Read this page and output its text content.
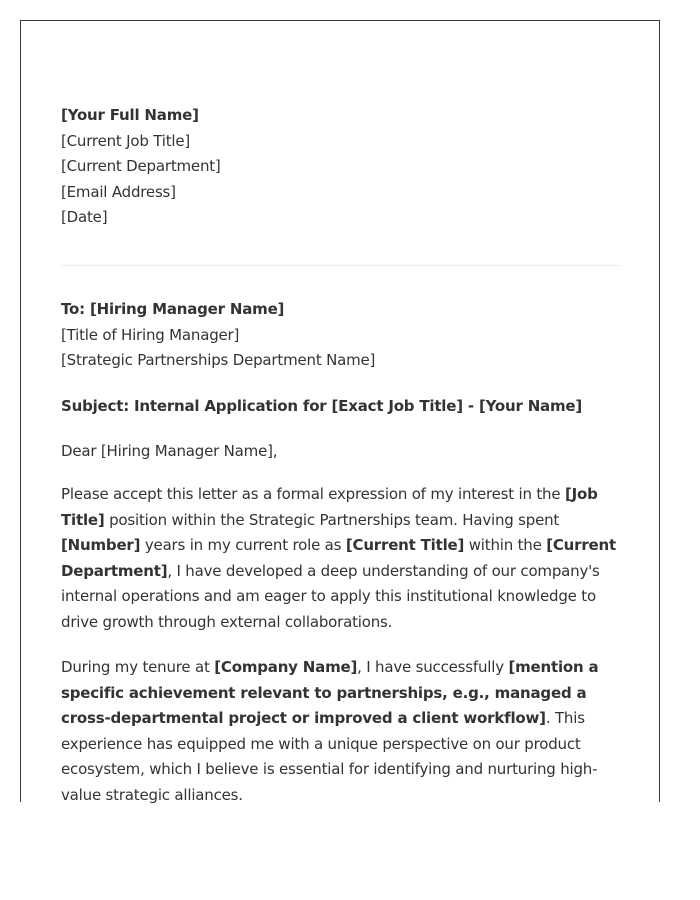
[Your Full Name]
[Current Job Title]
[Current Department]
[Email Address]
[Date]
To: [Hiring Manager Name]
[Title of Hiring Manager]
[Strategic Partnerships Department Name]
Subject: Internal Application for [Exact Job Title] - [Your Name]
Dear [Hiring Manager Name],

Please accept this letter as a formal expression of my interest in the [Job Title] position within the Strategic Partnerships team. Having spent [Number] years in my current role as [Current Title] within the [Current Department], I have developed a deep understanding of our company's internal operations and am eager to apply this institutional knowledge to drive growth through external collaborations.

During my tenure at [Company Name], I have successfully [mention a specific achievement relevant to partnerships, e.g., managed a cross-departmental project or improved a client workflow]. This experience has equipped me with a unique perspective on our product ecosystem, which I believe is essential for identifying and nurturing high-value strategic alliances.
